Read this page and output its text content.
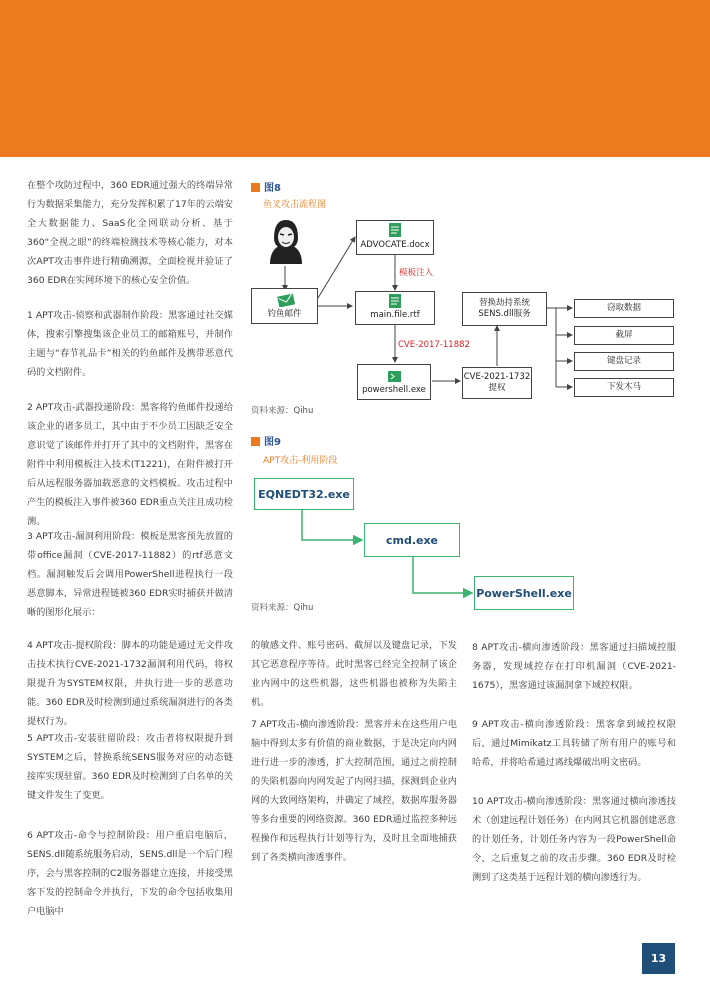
在整个攻防过程中，360 EDR通过强大的终端异常行为数据采集能力，充分发挥积累了17年的云端安全大数据能力、SaaS化全网联动分析、基于360“全视之眼”的终端检测技术等核心能力，对本次APT攻击事件进行精确溯源，全面检视并验证了360 EDR在实网环境下的核心安全价值。

1 APT攻击-侦察和武器制作阶段：黑客通过社交媒体，搜索引擎搜集该企业员工的邮箱账号，并制作主题与“春节礼品卡”相关的钓鱼邮件及携带恶意代码的文档附件。

2 APT攻击-武器投递阶段：黑客将钓鱼邮件投递给该企业的诸多员工，其中由于不少员工因缺乏安全意识觉了该邮件并打开了其中的文档附件，黑客在附件中利用模板注入技术(T1221)，在附件被打开后从远程服务器加载恶意的文档模板。攻击过程中产生的模板注入事件被360 EDR重点关注且成功检测。

3 APT攻击-漏洞利用阶段：模板是黑客预先放置的带office漏洞（CVE-2017-11882）的rtf恶意文档。漏洞触发后会调用PowerShell进程执行一段恶意脚本，异常进程链被360 EDR实时捕获并做清晰的图形化展示：

4 APT攻击-提权阶段：脚本的功能是通过无文件攻击技术执行CVE-2021-1732漏洞利用代码，将权限提升为SYSTEM权限，并执行进一步的恶意功能。360 EDR及时检测到通过系统漏洞进行的各类提权行为。

5 APT攻击-安装驻留阶段：攻击者将权限提升到SYSTEM之后，替换系统SENS服务对应的动态链接库实现驻留。360 EDR及时检测到了白名单的关键文件发生了变更。

6 APT攻击-命令与控制阶段：用户重启电脑后，SENS.dll随系统服务启动，SENS.dll是一个后门程序，会与黑客控制的C2服务器建立连接，并接受黑客下发的控制命令并执行，下发的命令包括收集用户电脑中

图8
鱼叉攻击流程图
钓鱼邮件
ADVOCATE.docx
模板注入
main.file.rtf
CVE-2017-11882
powershell.exe
CVE-2021-1732
提权
替换劫持系统
SENS.dll服务
窃取数据
截屏
键盘记录
下发木马
资料来源：Qihu
图9
APT攻击-利用阶段
EQNEDT32.exe
cmd.exe
PowerShell.exe
资料来源：Qihu

的敏感文件、账号密码、截屏以及键盘记录，下发其它恶意程序等待。此时黑客已经完全控制了该企业内网中的这些机器，这些机器也被称为失陷主机。

7 APT攻击-横向渗透阶段：黑客并未在这些用户电脑中得到太多有价值的商业数据，于是决定向内网进行进一步的渗透，扩大控制范围，通过之前控制的失陷机器向内网发起了内网扫描，探测到企业内网的大致网络架构，并确定了域控，数据库服务器等多台重要的网络资源。360 EDR通过监控多种远程操作和远程执行计划等行为，及时且全面地捕获到了各类横向渗透事件。

8 APT攻击-横向渗透阶段：黑客通过扫描域控服务器，发现域控存在打印机漏洞（CVE-2021-1675），黑客通过该漏洞拿下域控权限。

9 APT攻击-横向渗透阶段：黑客拿到域控权限后，通过Mimikatz工具转储了所有用户的账号和哈希，并将哈希通过离线爆破出明文密码。

10 APT攻击-横向渗透阶段：黑客通过横向渗透技术（创建远程计划任务）在内网其它机器创建恶意的计划任务，计划任务内容为一段PowerShell命令，之后重复之前的攻击步骤。360 EDR及时检测到了这类基于远程计划的横向渗透行为。

13
